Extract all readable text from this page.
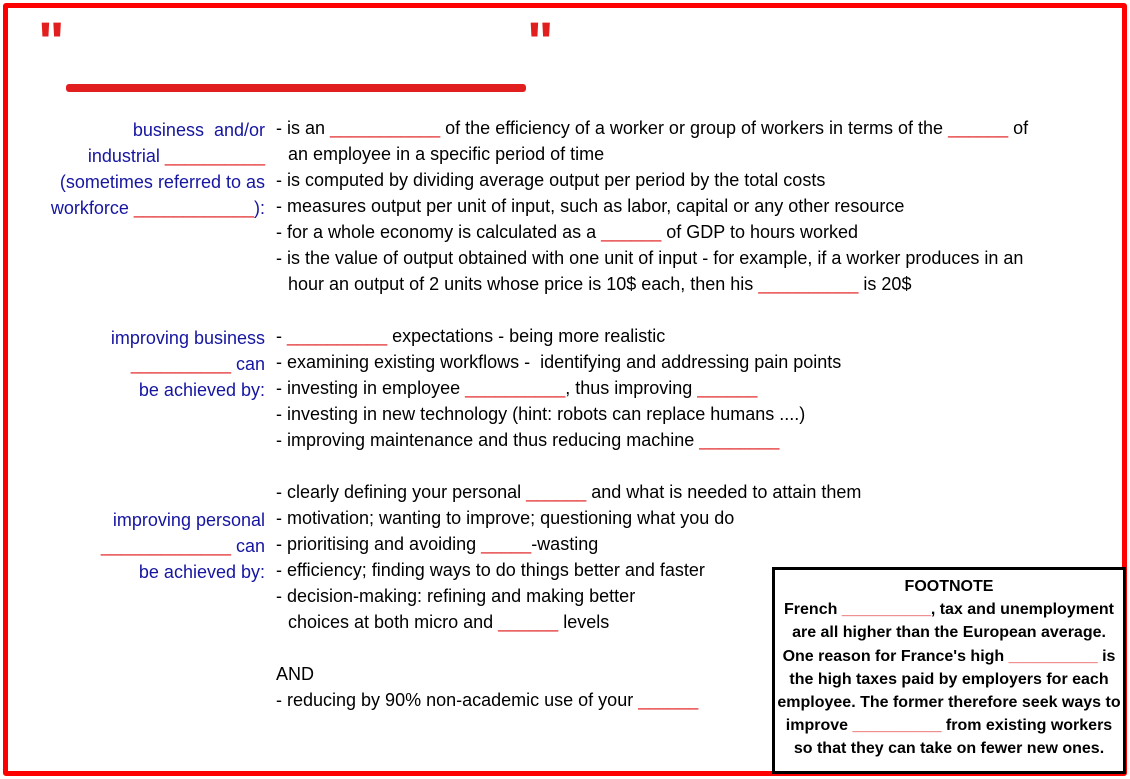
"	"
business  and/or
industrial __________
(sometimes referred to as
workforce ____________):
- is an ___________ of the efficiency of a worker or group of workers in terms of the ______ of
an employee in a specific period of time
- is computed by dividing average output per period by the total costs
- measures output per unit of input, such as labor, capital or any other resource
- for a whole economy is calculated as a ______ of GDP to hours worked
- is the value of output obtained with one unit of input - for example, if a worker produces in an
hour an output of 2 units whose price is 10$ each, then his __________ is 20$
improving business
__________ can
be achieved by:
- __________ expectations - being more realistic
- examining existing workflows -  identifying and addressing pain points
- investing in employee __________, thus improving ______
- investing in new technology (hint: robots can replace humans ....)
- improving maintenance and thus reducing machine ________
improving personal
_____________ can
be achieved by:
- clearly defining your personal ______ and what is needed to attain them
- motivation; wanting to improve; questioning what you do
- prioritising and avoiding _____-wasting
- efficiency; finding ways to do things better and faster
- decision-making: refining and making better
choices at both micro and ______ levels
AND
- reducing by 90% non-academic use of your ______
FOOTNOTE
French __________, tax and unemployment
are all higher than the European average.
One reason for France's high __________ is
the high taxes paid by employers for each
employee. The former therefore seek ways to
improve __________ from existing workers
so that they can take on fewer new ones.
